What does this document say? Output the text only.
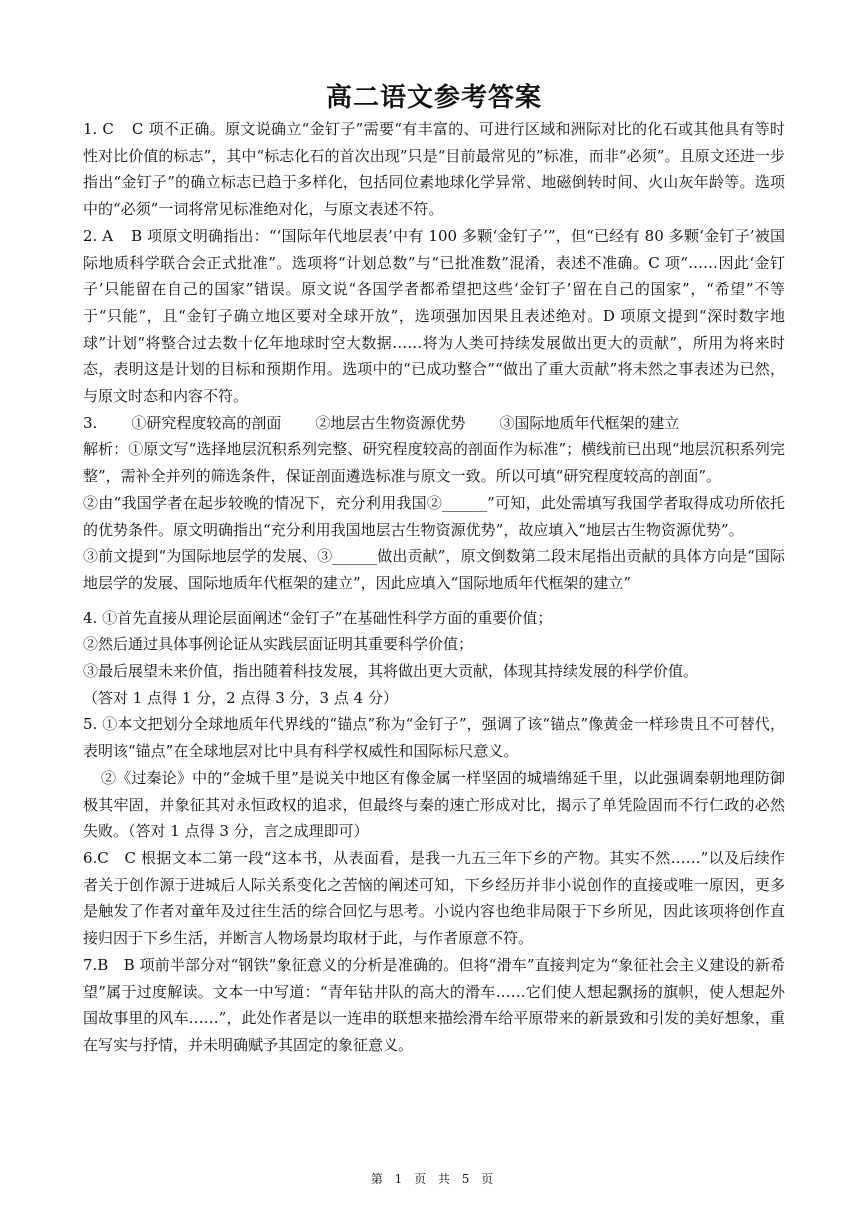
高二语文参考答案

1. C C 项不正确。原文说确立“金钉子”需要“有丰富的、可进行区域和洲际对比的化石或其他具有等时性对比价值的标志”，其中“标志化石的首次出现”只是“目前最常见的”标准，而非“必须”。且原文还进一步指出“金钉子”的确立标志已趋于多样化，包括同位素地球化学异常、地磁倒转时间、火山灰年龄等。选项中的“必须”一词将常见标准绝对化，与原文表述不符。

2. A B 项原文明确指出：“‘国际年代地层表’中有 100 多颗‘金钉子’”，但“已经有 80 多颗‘金钉子’被国际地质科学联合会正式批准”。选项将“计划总数”与“已批准数”混淆，表述不准确。C 项“……因此‘金钉子’只能留在自己的国家”错误。原文说“各国学者都希望把这些‘金钉子’留在自己的国家”，“希望”不等于“只能”，且“金钉子确立地区要对全球开放”，选项强加因果且表述绝对。D 项原文提到“深时数字地球”计划“将整合过去数十亿年地球时空大数据……将为人类可持续发展做出更大的贡献”，所用为将来时态，表明这是计划的目标和预期作用。选项中的“已成功整合”“做出了重大贡献”将未然之事表述为已然，与原文时态和内容不符。

3. ①研究程度较高的剖面 ②地层古生物资源优势 ③国际地质年代框架的建立

解析：①原文写“选择地层沉积系列完整、研究程度较高的剖面作为标准”；横线前已出现“地层沉积系列完整”，需补全并列的筛选条件，保证剖面遴选标准与原文一致。所以可填“研究程度较高的剖面”。

②由“我国学者在起步较晚的情况下，充分利用我国②______”可知，此处需填写我国学者取得成功所依托的优势条件。原文明确指出“充分利用我国地层古生物资源优势”，故应填入“地层古生物资源优势”。

③前文提到“为国际地层学的发展、③______做出贡献”，原文倒数第二段末尾指出贡献的具体方向是“国际地层学的发展、国际地质年代框架的建立”，因此应填入“国际地质年代框架的建立”

4. ①首先直接从理论层面阐述“金钉子”在基础性科学方面的重要价值；

②然后通过具体事例论证从实践层面证明其重要科学价值；

③最后展望未来价值，指出随着科技发展，其将做出更大贡献，体现其持续发展的科学价值。

（答对 1 点得 1 分，2 点得 3 分，3 点 4 分）

5. ①本文把划分全球地质年代界线的“锚点”称为“金钉子”，强调了该“锚点”像黄金一样珍贵且不可替代，表明该“锚点”在全球地层对比中具有科学权威性和国际标尺意义。

②《过秦论》中的“金城千里”是说关中地区有像金属一样坚固的城墙绵延千里，以此强调秦朝地理防御极其牢固，并象征其对永恒政权的追求，但最终与秦的速亡形成对比，揭示了单凭险固而不行仁政的必然失败。（答对 1 点得 3 分，言之成理即可）

6.C　C 根据文本二第一段“这本书，从表面看，是我一九五三年下乡的产物。其实不然……”以及后续作者关于创作源于进城后人际关系变化之苦恼的阐述可知，下乡经历并非小说创作的直接或唯一原因，更多是触发了作者对童年及过往生活的综合回忆与思考。小说内容也绝非局限于下乡所见，因此该项将创作直接归因于下乡生活，并断言人物场景均取材于此，与作者原意不符。

7.B　B 项前半部分对“钢铁”象征意义的分析是准确的。但将“滑车”直接判定为“象征社会主义建设的新希望”属于过度解读。文本一中写道：“青年钻井队的高大的滑车……它们使人想起飘扬的旗帜，使人想起外国故事里的风车……”，此处作者是以一连串的联想来描绘滑车给平原带来的新景致和引发的美好想象，重在写实与抒情，并未明确赋予其固定的象征意义。

第 1 页 共 5 页
